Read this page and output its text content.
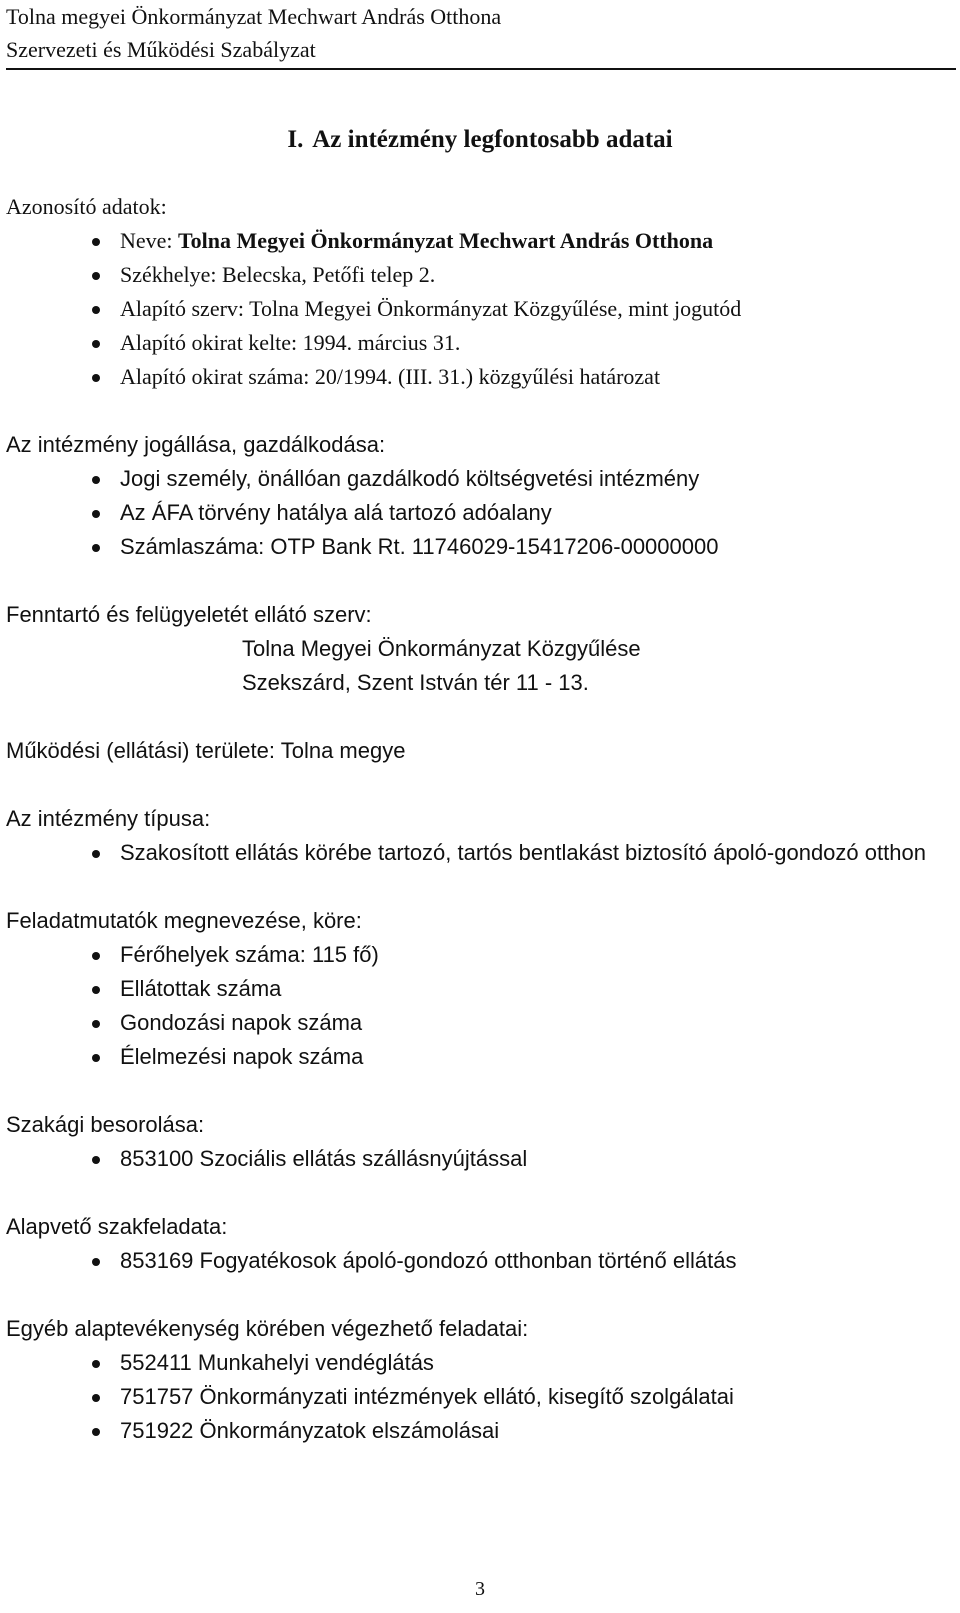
Tolna megyei Önkormányzat Mechwart András Otthona
Szervezeti és Működési Szabályzat
I. Az intézmény legfontosabb adatai

Azonosító adatok:

Neve: Tolna Megyei Önkormányzat Mechwart András Otthona
Székhelye: Belecska, Petőfi telep 2.
Alapító szerv: Tolna Megyei Önkormányzat Közgyűlése, mint jogutód
Alapító okirat kelte: 1994. március 31.
Alapító okirat száma: 20/1994. (III. 31.) közgyűlési határozat

Az intézmény jogállása, gazdálkodása:

Jogi személy, önállóan gazdálkodó költségvetési intézmény
Az ÁFA törvény hatálya alá tartozó adóalany
Számlaszáma: OTP Bank Rt. 11746029-15417206-00000000

Fenntartó és felügyeletét ellátó szerv:

Tolna Megyei Önkormányzat Közgyűlése
Szekszárd, Szent István tér 11 - 13.

Működési (ellátási) területe: Tolna megye

Az intézmény típusa:

Szakosított ellátás körébe tartozó, tartós bentlakást biztosító ápoló-gondozó otthon

Feladatmutatók megnevezése, köre:

Férőhelyek száma: 115 fő)
Ellátottak száma
Gondozási napok száma
Élelmezési napok száma

Szakági besorolása:

853100 Szociális ellátás szállásnyújtással

Alapvető szakfeladata:

853169 Fogyatékosok ápoló-gondozó otthonban történő ellátás

Egyéb alaptevékenység körében végezhető feladatai:

552411 Munkahelyi vendéglátás
751757 Önkormányzati intézmények ellátó, kisegítő szolgálatai
751922 Önkormányzatok elszámolásai
3
